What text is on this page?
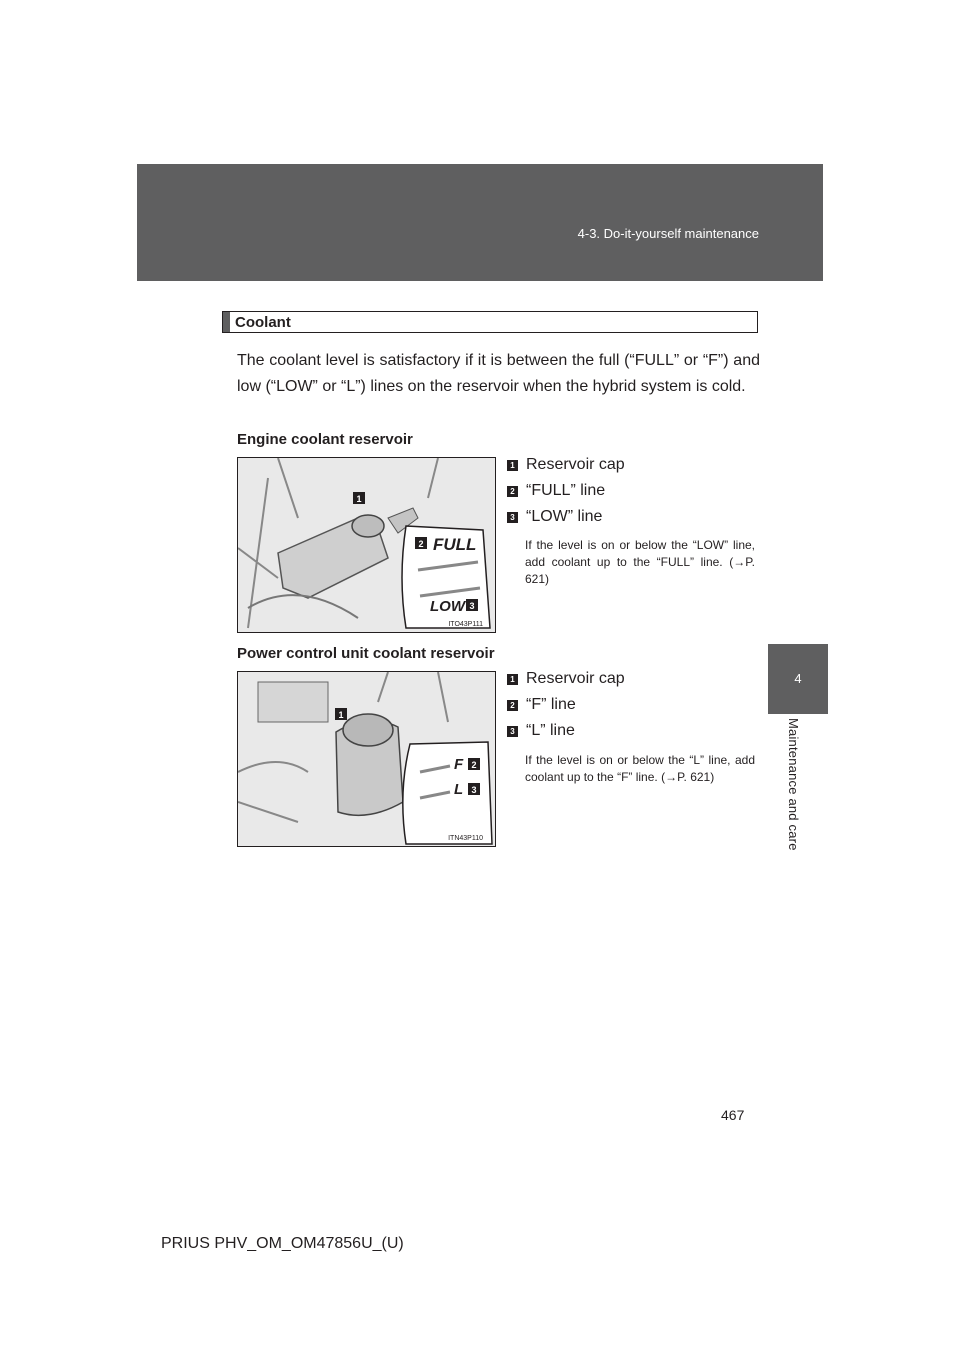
4-3. Do-it-yourself maintenance
4
Maintenance and care
Coolant
The coolant level is satisfactory if it is between the full (“FULL” or “F”) and low (“LOW” or “L”) lines on the reservoir when the hybrid system is cold.
Engine coolant reservoir
1
2 FULL
LOW 3
ITO43P111
1 Reservoir cap
2 “FULL” line
3 “LOW” line
If the level is on or below the “LOW” line, add coolant up to the “FULL” line. (→P. 621)
Power control unit coolant reservoir
1
F 2
L 3
ITN43P110
1 Reservoir cap
2 “F” line
3 “L” line
If the level is on or below the “L” line, add coolant up to the “F” line. (→P. 621)
467
PRIUS PHV_OM_OM47856U_(U)
